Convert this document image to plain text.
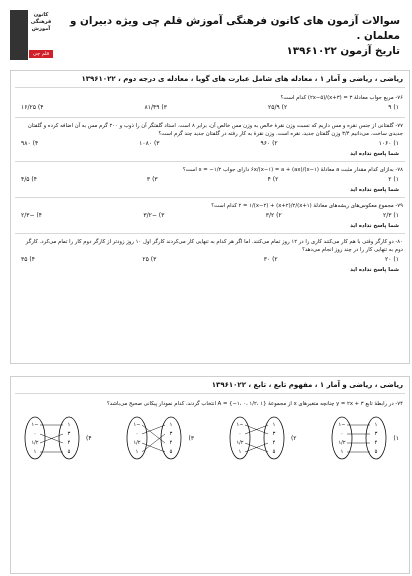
کانون
فرهنگی
آموزش
قلم چی
سوالات آزمون های کانون فرهنگی آموزش قلم چی ویژه دبیران و معلمان .
تاریخ آزمون ۱۳۹۶۱۰۲۲
ریاضی ، ریاضی و آمار ۱ ، معادله های شامل عبارت های گویا ، معادله ی درجه دوم ، ۱۳۹۶۱۰۲۲
۷۶- مربع جواب معادلهٔ ۳ = (x+۳)/(۲x−۵) کدام است؟
۱) ۹
۲) ۲۵/۹
۳) ۸۱/۴۹
۴) ۱۶/۲۵
۷۷- گلفتانی از جنس نقره و مس داریم که نسبت وزن نقرهٔ خالص به وزن مس خالص آن، برابر ۸ است. استاد گلفتگر آن را ذوب و ۲۰۰ گرم مس به آن اضافه کرده و گلفتان جدیدی ساخت. می‌دانیم ۳/۴ وزن گلفتان جدید، نقره است. وزن نقرهٔ به کار رفته در گلفتان جدید چند گرم است؟
۱) ۱۰۶۰
۲) ۹۶۰
۳) ۱۰۸۰
۴) ۹۸۰
شما پاسخ نداده اید
۷۸- به‌ازای کدام مقدار مثبت a معادلهٔ (x−۱)/(ax) + ۶x/(x−۱) = a دارای جواب x = −۱/۲ است؟
۱) ۲
۲) ۴
۳) ۳
۴) ۴/۵
شما پاسخ نداده اید
۷۹- مجموع معکوس‌های ریشه‌های معادلهٔ (x+۱)/۲ = ۱/(x−۲) + (x+۲)/۲ کدام است؟
۱) ۲/۳
۲) ۳/۲
۳) −۳/۲
۴) −۲/۳
شما پاسخ نداده اید
۸۰- دو کارگر وقتی با هم کار می‌کنند کاری را در ۱۲ روز تمام می‌کنند. اما اگر هر کدام به تنهایی کار می‌کردند کارگر اول ۱۰ روز زودتر از کارگر دوم کار را تمام می‌کرد. کارگر دوم به تنهایی کار را در چند روز انجام می‌دهد؟
۱) ۲۰
۲) ۳۰
۳) ۲۵
۴) ۳۵
شما پاسخ نداده اید
ریاضی ، ریاضی و آمار ۱ ، مفهوم تابع ، تابع ، ۱۳۹۶۱۰۲۲
۷۴- در رابطهٔ تابع y = ۲x + ۳ چنانچه متغیرهای x از مجموعهٔ A = {−۱، ۰، ۱/۲، ۱} انتخاب گردند، کدام نمودار پیکانی صحیح می‌باشد؟
۱)
−۱
۰
۱/۲
۱
۱
۳
۴
۵
۲)
−۱
۰
۱/۲
۱
۱
۳
۴
۵
۳)
−۱
۰
۱/۲
۱
۱
۳
۴
۵
۴)
−۱
۰
۱/۲
۱
۱
۳
۴
۵
